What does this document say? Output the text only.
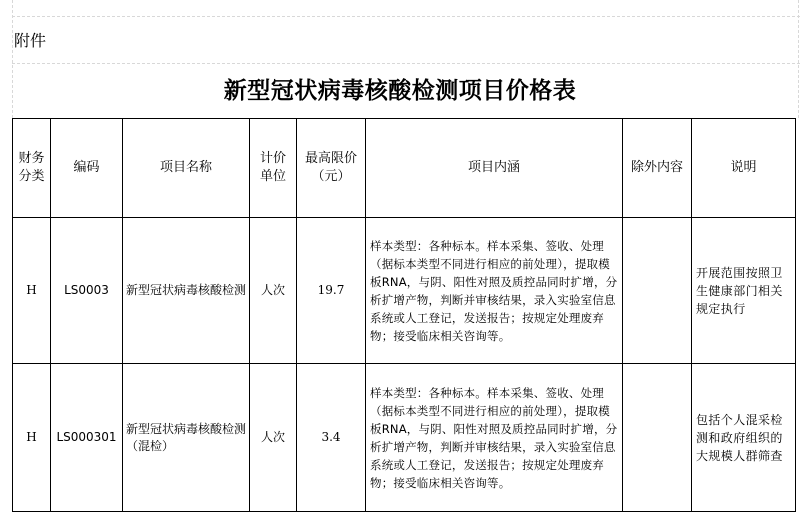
附件
新型冠状病毒核酸检测项目价格表
财务分类	编码	项目名称	计价单位	最高限价（元）	项目内涵	除外内容	说明
H	LS0003	新型冠状病毒核酸检测	人次	19.7	样本类型：各种标本。样本采集、签收、处理（据标本类型不同进行相应的前处理），提取模板RNA，与阴、阳性对照及质控品同时扩增，分析扩增产物，判断并审核结果，录入实验室信息系统或人工登记，发送报告；按规定处理废弃物；接受临床相关咨询等。		开展范围按照卫生健康部门相关规定执行

H	LS000301	新型冠状病毒核酸检测（混检）	人次	3.4	样本类型：各种标本。样本采集、签收、处理（据标本类型不同进行相应的前处理），提取模板RNA，与阴、阳性对照及质控品同时扩增，分析扩增产物，判断并审核结果，录入实验室信息系统或人工登记，发送报告；按规定处理废弃物；接受临床相关咨询等。		包括个人混采检测和政府组织的大规模人群筛查
